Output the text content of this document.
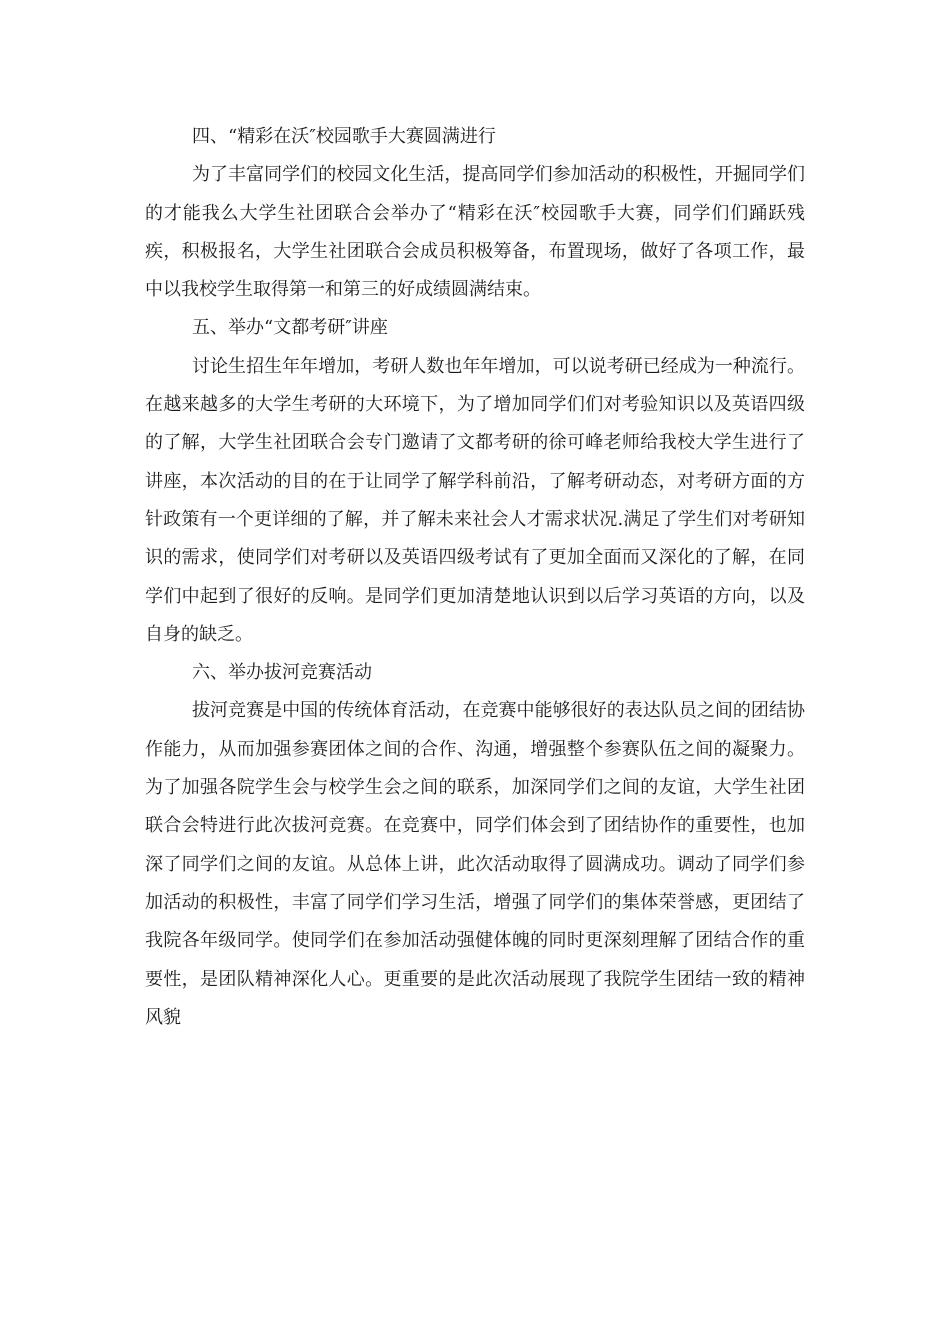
四、“精彩在沃″校园歌手大赛圆满进行

为了丰富同学们的校园文化生活，提高同学们参加活动的积极性，开掘同学们的才能我么大学生社团联合会举办了“精彩在沃″校园歌手大赛，同学们们踊跃残疾，积极报名，大学生社团联合会成员积极筹备，布置现场，做好了各项工作，最中以我校学生取得第一和第三的好成绩圆满结束。

五、举办“文都考研″讲座

讨论生招生年年增加，考研人数也年年增加，可以说考研已经成为一种流行。在越来越多的大学生考研的大环境下，为了增加同学们们对考验知识以及英语四级的了解，大学生社团联合会专门邀请了文都考研的徐可峰老师给我校大学生进行了讲座，本次活动的目的在于让同学了解学科前沿，了解考研动态，对考研方面的方针政策有一个更详细的了解，并了解未来社会人才需求状况.满足了学生们对考研知识的需求，使同学们对考研以及英语四级考试有了更加全面而又深化的了解，在同学们中起到了很好的反响。是同学们更加清楚地认识到以后学习英语的方向，以及自身的缺乏。

六、举办拔河竞赛活动

拔河竞赛是中国的传统体育活动，在竞赛中能够很好的表达队员之间的团结协作能力，从而加强参赛团体之间的合作、沟通，增强整个参赛队伍之间的凝聚力。为了加强各院学生会与校学生会之间的联系，加深同学们之间的友谊，大学生社团联合会特进行此次拔河竞赛。在竞赛中，同学们体会到了团结协作的重要性，也加深了同学们之间的友谊。从总体上讲，此次活动取得了圆满成功。调动了同学们参加活动的积极性，丰富了同学们学习生活，增强了同学们的集体荣誉感，更团结了我院各年级同学。使同学们在参加活动强健体魄的同时更深刻理解了团结合作的重要性，是团队精神深化人心。更重要的是此次活动展现了我院学生团结一致的精神风貌
